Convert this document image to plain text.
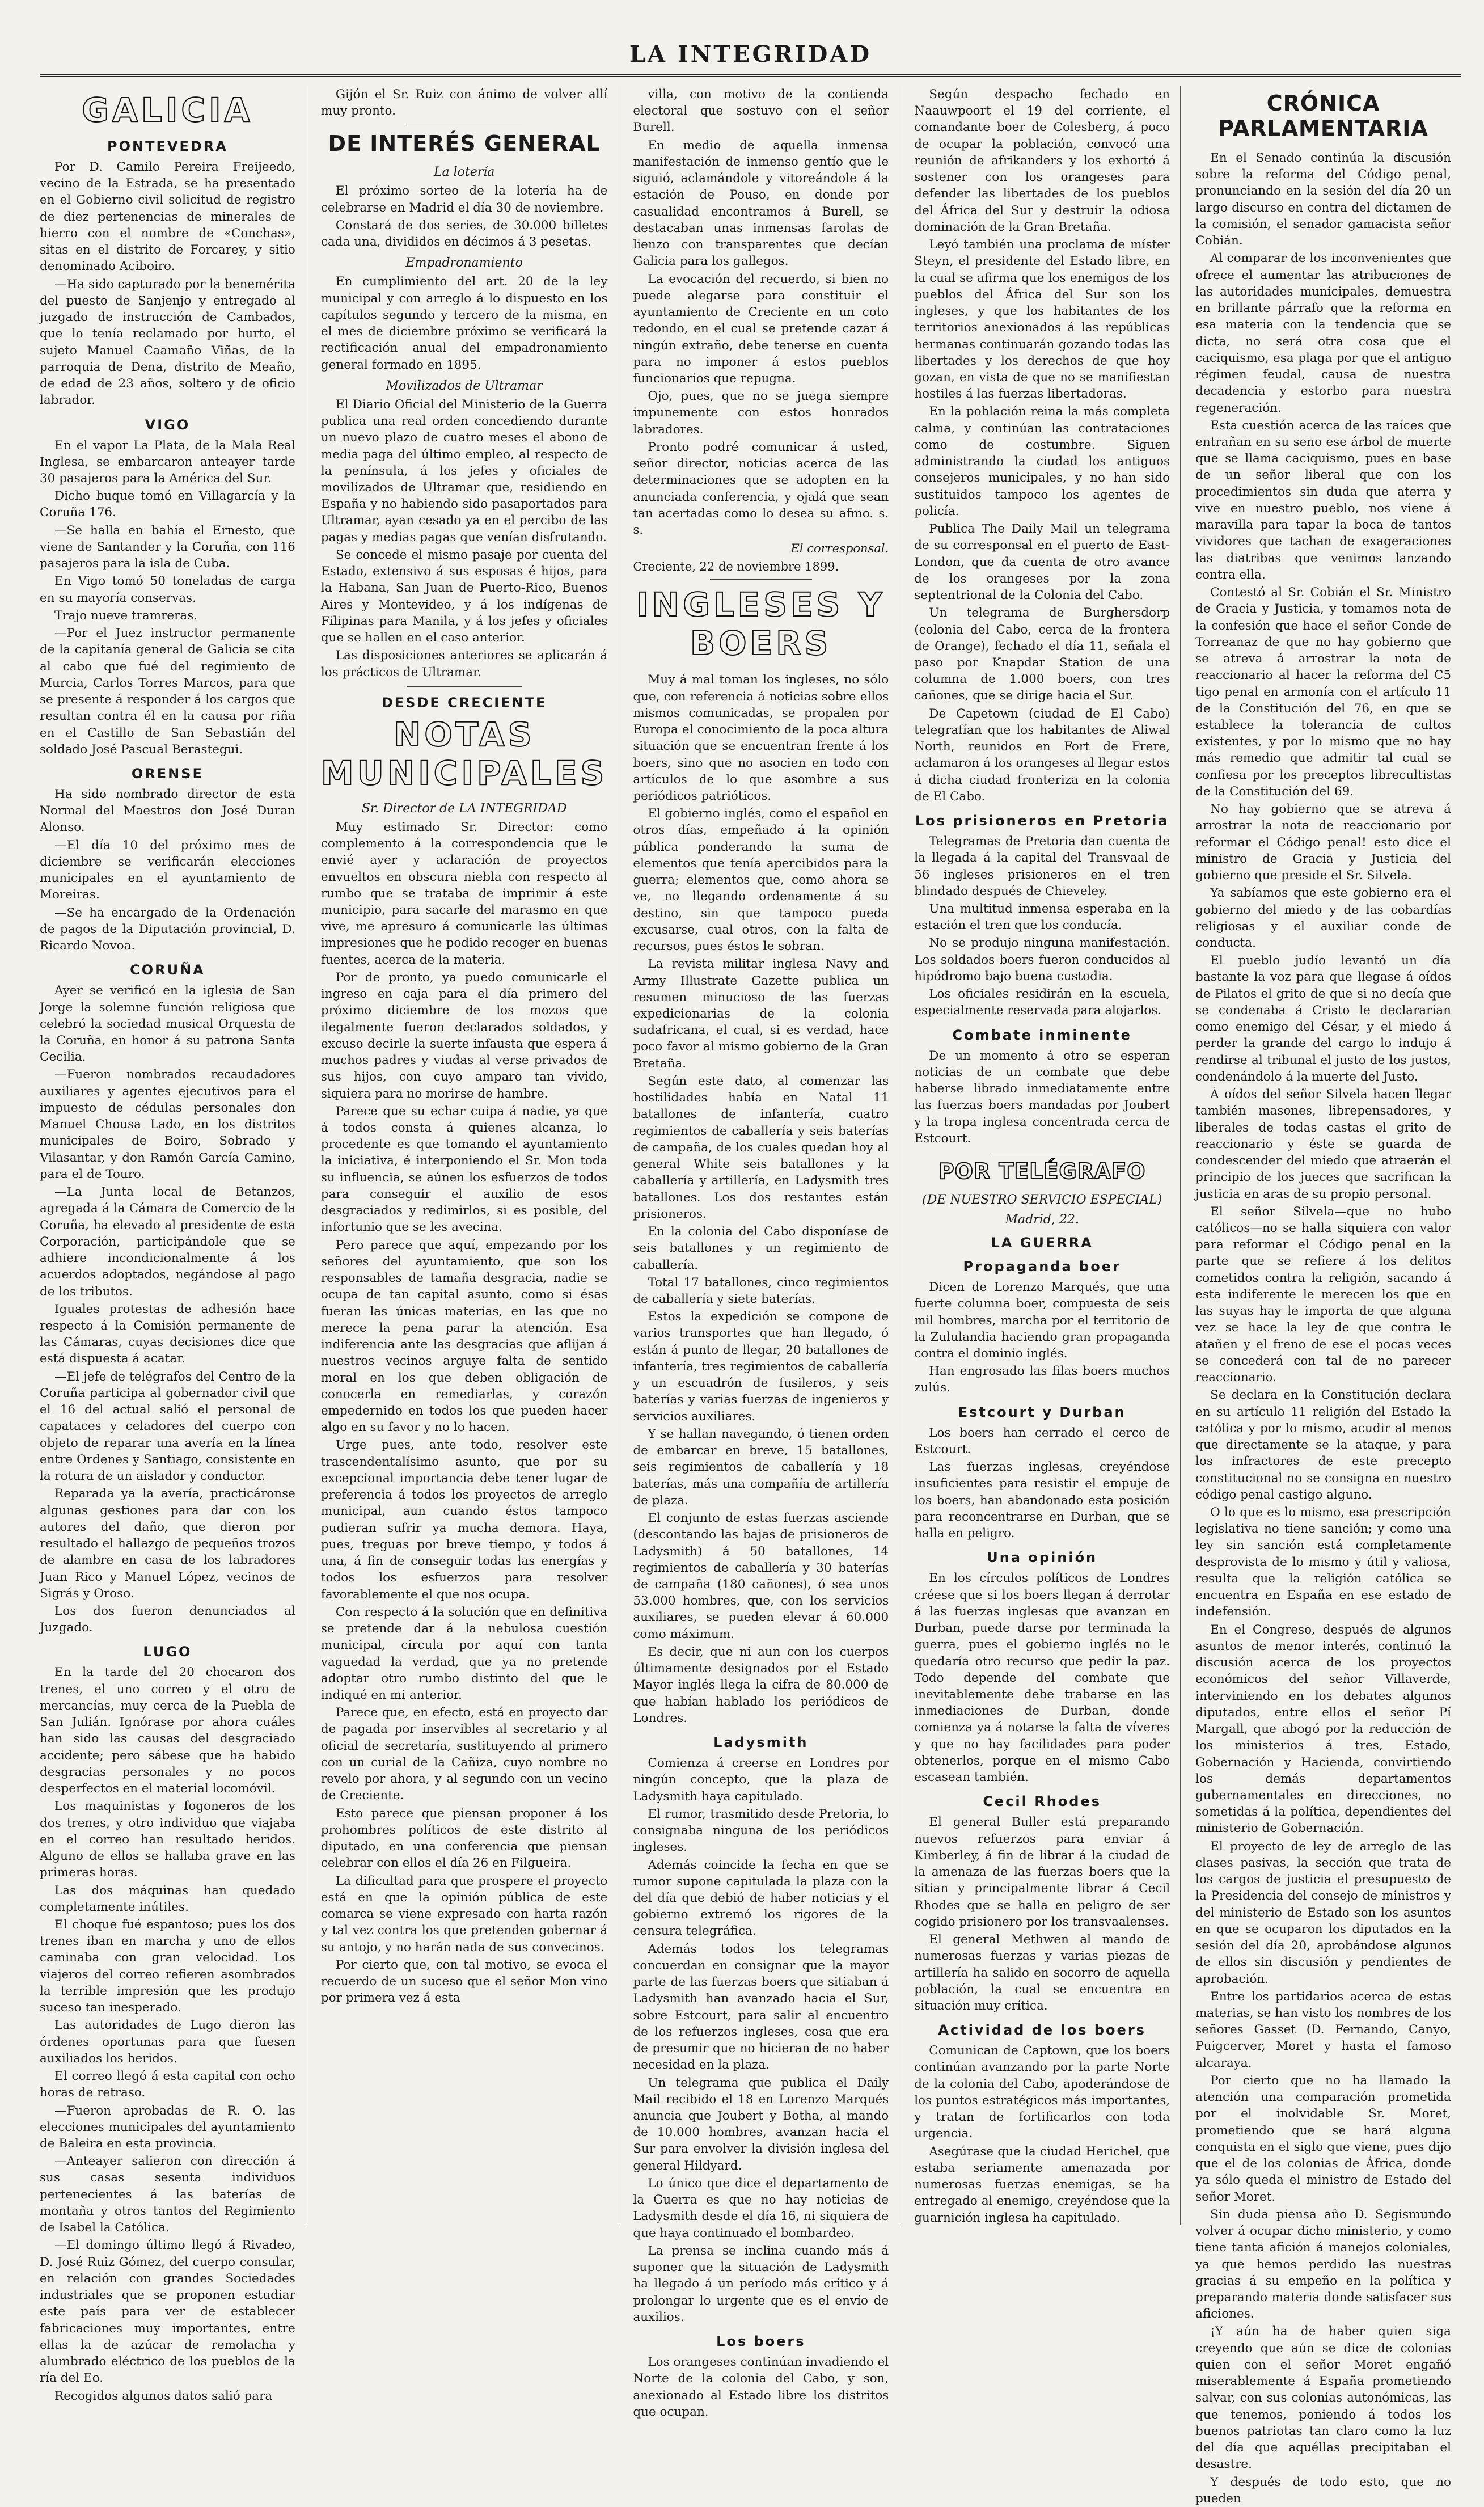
LA INTEGRIDAD
GALICIA
PONTEVEDRA

Por D. Camilo Pereira Freijeedo, vecino de la Estrada, se ha presentado en el Gobierno civil solicitud de registro de diez pertenencias de minerales de hierro con el nombre de «Conchas», sitas en el distrito de Forcarey, y sitio denominado Aciboiro.

—Ha sido capturado por la benemérita del puesto de Sanjenjo y entregado al juzgado de instrucción de Cambados, que lo tenía reclamado por hurto, el sujeto Manuel Caamaño Viñas, de la parroquia de Dena, distrito de Meaño, de edad de 23 años, soltero y de oficio labrador.

VIGO

En el vapor La Plata, de la Mala Real Inglesa, se embarcaron anteayer tarde 30 pasajeros para la América del Sur.

Dicho buque tomó en Villagarcía y la Coruña 176.

—Se halla en bahía el Ernesto, que viene de Santander y la Coruña, con 116 pasajeros para la isla de Cuba.

En Vigo tomó 50 toneladas de carga en su mayoría conservas.

Trajo nueve tramreras.

—Por el Juez instructor permanente de la capitanía general de Galicia se cita al cabo que fué del regimiento de Murcia, Carlos Torres Marcos, para que se presente á responder á los cargos que resultan contra él en la causa por riña en el Castillo de San Sebastián del soldado José Pascual Berastegui.

ORENSE

Ha sido nombrado director de esta Normal del Maestros don José Duran Alonso.

—El día 10 del próximo mes de diciembre se verificarán elecciones municipales en el ayuntamiento de Moreiras.

—Se ha encargado de la Ordenación de pagos de la Diputación provincial, D. Ricardo Novoa.

CORUÑA

Ayer se verificó en la iglesia de San Jorge la solemne función religiosa que celebró la sociedad musical Orquesta de la Coruña, en honor á su patrona Santa Cecilia.

—Fueron nombrados recaudadores auxiliares y agentes ejecutivos para el impuesto de cédulas personales don Manuel Chousa Lado, en los distritos municipales de Boiro, Sobrado y Vilasantar, y don Ramón García Camino, para el de Touro.

—La Junta local de Betanzos, agregada á la Cámara de Comercio de la Coruña, ha elevado al presidente de esta Corporación, participándole que se adhiere incondicionalmente á los acuerdos adoptados, negándose al pago de los tributos.

Iguales protestas de adhesión hace respecto á la Comisión permanente de las Cámaras, cuyas decisiones dice que está dispuesta á acatar.

—El jefe de telégrafos del Centro de la Coruña participa al gobernador civil que el 16 del actual salió el personal de capataces y celadores del cuerpo con objeto de reparar una avería en la línea entre Ordenes y Santiago, consistente en la rotura de un aislador y conductor.

Reparada ya la avería, practicáronse algunas gestiones para dar con los autores del daño, que dieron por resultado el hallazgo de pequeños trozos de alambre en casa de los labradores Juan Rico y Manuel López, vecinos de Sigrás y Oroso.

Los dos fueron denunciados al Juzgado.

LUGO

En la tarde del 20 chocaron dos trenes, el uno correo y el otro de mercancías, muy cerca de la Puebla de San Julián. Ignórase por ahora cuáles han sido las causas del desgraciado accidente; pero sábese que ha habido desgracias personales y no pocos desperfectos en el material locomóvil.

Los maquinistas y fogoneros de los dos trenes, y otro individuo que viajaba en el correo han resultado heridos. Alguno de ellos se hallaba grave en las primeras horas.

Las dos máquinas han quedado completamente inútiles.

El choque fué espantoso; pues los dos trenes iban en marcha y uno de ellos caminaba con gran velocidad. Los viajeros del correo refieren asombrados la terrible impresión que les produjo suceso tan inesperado.

Las autoridades de Lugo dieron las órdenes oportunas para que fuesen auxiliados los heridos.

El correo llegó á esta capital con ocho horas de retraso.

—Fueron aprobadas de R. O. las elecciones municipales del ayuntamiento de Baleira en esta provincia.

—Anteayer salieron con dirección á sus casas sesenta individuos pertenecientes á las baterías de montaña y otros tantos del Regimiento de Isabel la Católica.

—El domingo último llegó á Rivadeo, D. José Ruiz Gómez, del cuerpo consular, en relación con grandes Sociedades industriales que se proponen estudiar este país para ver de establecer fabricaciones muy importantes, entre ellas la de azúcar de remolacha y alumbrado eléctrico de los pueblos de la ría del Eo.

Recogidos algunos datos salió para

Gijón el Sr. Ruiz con ánimo de volver allí muy pronto.

DE INTERÉS GENERAL
La lotería

El próximo sorteo de la lotería ha de celebrarse en Madrid el día 30 de noviembre.

Constará de dos series, de 30.000 billetes cada una, divididos en décimos á 3 pesetas.

Empadronamiento

En cumplimiento del art. 20 de la ley municipal y con arreglo á lo dispuesto en los capítulos segundo y tercero de la misma, en el mes de diciembre próximo se verificará la rectificación anual del empadronamiento general formado en 1895.

Movilizados de Ultramar

El Diario Oficial del Ministerio de la Guerra publica una real orden concediendo durante un nuevo plazo de cuatro meses el abono de media paga del último empleo, al respecto de la península, á los jefes y oficiales de movilizados de Ultramar que, residiendo en España y no habiendo sido pasaportados para Ultramar, ayan cesado ya en el percibo de las pagas y medias pagas que venían disfrutando.

Se concede el mismo pasaje por cuenta del Estado, extensivo á sus esposas é hijos, para la Habana, San Juan de Puerto-Rico, Buenos Aires y Montevideo, y á los indígenas de Filipinas para Manila, y á los jefes y oficiales que se hallen en el caso anterior.

Las disposiciones anteriores se aplicarán á los prácticos de Ultramar.

DESDE CRECIENTE
NOTAS MUNICIPALES
Sr. Director de LA INTEGRIDAD

Muy estimado Sr. Director: como complemento á la correspondencia que le envié ayer y aclaración de proyectos envueltos en obscura niebla con respecto al rumbo que se trataba de imprimir á este municipio, para sacarle del marasmo en que vive, me apresuro á comunicarle las últimas impresiones que he podido recoger en buenas fuentes, acerca de la materia.

Por de pronto, ya puedo comunicarle el ingreso en caja para el día primero del próximo diciembre de los mozos que ilegalmente fueron declarados soldados, y excuso decirle la suerte infausta que espera á muchos padres y viudas al verse privados de sus hijos, con cuyo amparo tan vivido, siquiera para no morirse de hambre.

Parece que su echar cuipa á nadie, ya que á todos consta á quienes alcanza, lo procedente es que tomando el ayuntamiento la iniciativa, é interponiendo el Sr. Mon toda su influencia, se aúnen los esfuerzos de todos para conseguir el auxilio de esos desgraciados y redimirlos, si es posible, del infortunio que se les avecina.

Pero parece que aquí, empezando por los señores del ayuntamiento, que son los responsables de tamaña desgracia, nadie se ocupa de tan capital asunto, como si ésas fueran las únicas materias, en las que no merece la pena parar la atención. Esa indiferencia ante las desgracias que aflijan á nuestros vecinos arguye falta de sentido moral en los que deben obligación de conocerla en remediarlas, y corazón empedernido en todos los que pueden hacer algo en su favor y no lo hacen.

Urge pues, ante todo, resolver este trascendentalísimo asunto, que por su excepcional importancia debe tener lugar de preferencia á todos los proyectos de arreglo municipal, aun cuando éstos tampoco pudieran sufrir ya mucha demora. Haya, pues, treguas por breve tiempo, y todos á una, á fin de conseguir todas las energías y todos los esfuerzos para resolver favorablemente el que nos ocupa.

Con respecto á la solución que en definitiva se pretende dar á la nebulosa cuestión municipal, circula por aquí con tanta vaguedad la verdad, que ya no pretende adoptar otro rumbo distinto del que le indiqué en mi anterior.

Parece que, en efecto, está en proyecto dar de pagada por inservibles al secretario y al oficial de secretaría, sustituyendo al primero con un curial de la Cañiza, cuyo nombre no revelo por ahora, y al segundo con un vecino de Creciente.

Esto parece que piensan proponer á los prohombres políticos de este distrito al diputado, en una conferencia que piensan celebrar con ellos el día 26 en Filgueira.

La dificultad para que prospere el proyecto está en que la opinión pública de este comarca se viene expresado con harta razón y tal vez contra los que pretenden gobernar á su antojo, y no harán nada de sus convecinos.

Por cierto que, con tal motivo, se evoca el recuerdo de un suceso que el señor Mon vino por primera vez á esta

villa, con motivo de la contienda electoral que sostuvo con el señor Burell.

En medio de aquella inmensa manifestación de inmenso gentío que le siguió, aclamándole y vitoreándole á la estación de Pouso, en donde por casualidad encontramos á Burell, se destacaban unas inmensas farolas de lienzo con transparentes que decían Galicia para los gallegos.

La evocación del recuerdo, si bien no puede alegarse para constituir el ayuntamiento de Creciente en un coto redondo, en el cual se pretende cazar á ningún extraño, debe tenerse en cuenta para no imponer á estos pueblos funcionarios que repugna.

Ojo, pues, que no se juega siempre impunemente con estos honrados labradores.

Pronto podré comunicar á usted, señor director, noticias acerca de las determinaciones que se adopten en la anunciada conferencia, y ojalá que sean tan acertadas como lo desea su afmo. s. s.

El corresponsal.
Creciente, 22 de noviembre 1899.
INGLESES Y BOERS

Muy á mal toman los ingleses, no sólo que, con referencia á noticias sobre ellos mismos comunicadas, se propalen por Europa el conocimiento de la poca altura situación que se encuentran frente á los boers, sino que no asocien en todo con artículos de lo que asombre a sus periódicos patrióticos.

El gobierno inglés, como el español en otros días, empeñado á la opinión pública ponderando la suma de elementos que tenía apercibidos para la guerra; elementos que, como ahora se ve, no llegando ordenamente á su destino, sin que tampoco pueda excusarse, cual otros, con la falta de recursos, pues éstos le sobran.

La revista militar inglesa Navy and Army Illustrate Gazette publica un resumen minucioso de las fuerzas expedicionarias de la colonia sudafricana, el cual, si es verdad, hace poco favor al mismo gobierno de la Gran Bretaña.

Según este dato, al comenzar las hostilidades había en Natal 11 batallones de infantería, cuatro regimientos de caballería y seis baterías de campaña, de los cuales quedan hoy al general White seis batallones y la caballería y artillería, en Ladysmith tres batallones. Los dos restantes están prisioneros.

En la colonia del Cabo disponíase de seis batallones y un regimiento de caballería.

Total 17 batallones, cinco regimientos de caballería y siete baterías.

Estos la expedición se compone de varios transportes que han llegado, ó están á punto de llegar, 20 batallones de infantería, tres regimientos de caballería y un escuadrón de fusileros, y seis baterías y varias fuerzas de ingenieros y servicios auxiliares.

Y se hallan navegando, ó tienen orden de embarcar en breve, 15 batallones, seis regimientos de caballería y 18 baterías, más una compañía de artillería de plaza.

El conjunto de estas fuerzas asciende (descontando las bajas de prisioneros de Ladysmith) á 50 batallones, 14 regimientos de caballería y 30 baterías de campaña (180 cañones), ó sea unos 53.000 hombres, que, con los servicios auxiliares, se pueden elevar á 60.000 como máximum.

Es decir, que ni aun con los cuerpos últimamente designados por el Estado Mayor inglés llega la cifra de 80.000 de que habían hablado los periódicos de Londres.

Ladysmith

Comienza á creerse en Londres por ningún concepto, que la plaza de Ladysmith haya capitulado.

El rumor, trasmitido desde Pretoria, lo consignaba ninguna de los periódicos ingleses.

Además coincide la fecha en que se rumor supone capitulada la plaza con la del día que debió de haber noticias y el gobierno extremó los rigores de la censura telegráfica.

Además todos los telegramas concuerdan en consignar que la mayor parte de las fuerzas boers que sitiaban á Ladysmith han avanzado hacia el Sur, sobre Estcourt, para salir al encuentro de los refuerzos ingleses, cosa que era de presumir que no hicieran de no haber necesidad en la plaza.

Un telegrama que publica el Daily Mail recibido el 18 en Lorenzo Marqués anuncia que Joubert y Botha, al mando de 10.000 hombres, avanzan hacia el Sur para envolver la división inglesa del general Hildyard.

Lo único que dice el departamento de la Guerra es que no hay noticias de Ladysmith desde el día 16, ni siquiera de que haya continuado el bombardeo.

La prensa se inclina cuando más á suponer que la situación de Ladysmith ha llegado á un período más crítico y á prolongar lo urgente que es el envío de auxilios.

Los boers

Los orangeses continúan invadiendo el Norte de la colonia del Cabo, y son, anexionado al Estado libre los distritos que ocupan.

Según despacho fechado en Naauwpoort el 19 del corriente, el comandante boer de Colesberg, á poco de ocupar la población, convocó una reunión de afrikanders y los exhortó á sostener con los orangeses para defender las libertades de los pueblos del África del Sur y destruir la odiosa dominación de la Gran Bretaña.

Leyó también una proclama de míster Steyn, el presidente del Estado libre, en la cual se afirma que los enemigos de los pueblos del África del Sur son los ingleses, y que los habitantes de los territorios anexionados á las repúblicas hermanas continuarán gozando todas las libertades y los derechos de que hoy gozan, en vista de que no se manifiestan hostiles á las fuerzas libertadoras.

En la población reina la más completa calma, y continúan las contrataciones como de costumbre. Siguen administrando la ciudad los antiguos consejeros municipales, y no han sido sustituidos tampoco los agentes de policía.

Publica The Daily Mail un telegrama de su corresponsal en el puerto de East-London, que da cuenta de otro avance de los orangeses por la zona septentrional de la Colonia del Cabo.

Un telegrama de Burghersdorp (colonia del Cabo, cerca de la frontera de Orange), fechado el día 11, señala el paso por Knapdar Station de una columna de 1.000 boers, con tres cañones, que se dirige hacia el Sur.

De Capetown (ciudad de El Cabo) telegrafían que los habitantes de Aliwal North, reunidos en Fort de Frere, aclamaron á los orangeses al llegar estos á dicha ciudad fronteriza en la colonia de El Cabo.

Los prisioneros en Pretoria

Telegramas de Pretoria dan cuenta de la llegada á la capital del Transvaal de 56 ingleses prisioneros en el tren blindado después de Chieveley.

Una multitud inmensa esperaba en la estación el tren que los conducía.

No se produjo ninguna manifestación. Los soldados boers fueron conducidos al hipódromo bajo buena custodia.

Los oficiales residirán en la escuela, especialmente reservada para alojarlos.

Combate inminente

De un momento á otro se esperan noticias de un combate que debe haberse librado inmediatamente entre las fuerzas boers mandadas por Joubert y la tropa inglesa concentrada cerca de Estcourt.

POR TELÉGRAFO
(DE NUESTRO SERVICIO ESPECIAL)
Madrid, 22.
LA GUERRA
Propaganda boer

Dicen de Lorenzo Marqués, que una fuerte columna boer, compuesta de seis mil hombres, marcha por el territorio de la Zululandia haciendo gran propaganda contra el dominio inglés.

Han engrosado las filas boers muchos zulús.

Estcourt y Durban

Los boers han cerrado el cerco de Estcourt.

Las fuerzas inglesas, creyéndose insuficientes para resistir el empuje de los boers, han abandonado esta posición para reconcentrarse en Durban, que se halla en peligro.

Una opinión

En los círculos políticos de Londres créese que si los boers llegan á derrotar á las fuerzas inglesas que avanzan en Durban, puede darse por terminada la guerra, pues el gobierno inglés no le quedaría otro recurso que pedir la paz. Todo depende del combate que inevitablemente debe trabarse en las inmediaciones de Durban, donde comienza ya á notarse la falta de víveres y que no hay facilidades para poder obtenerlos, porque en el mismo Cabo escasean también.

Cecil Rhodes

El general Buller está preparando nuevos refuerzos para enviar á Kimberley, á fin de librar á la ciudad de la amenaza de las fuerzas boers que la sitian y principalmente librar á Cecil Rhodes que se halla en peligro de ser cogido prisionero por los transvaalenses.

El general Methwen al mando de numerosas fuerzas y varias piezas de artillería ha salido en socorro de aquella población, la cual se encuentra en situación muy crítica.

Actividad de los boers

Comunican de Captown, que los boers continúan avanzando por la parte Norte de la colonia del Cabo, apoderándose de los puntos estratégicos más importantes, y tratan de fortificarlos con toda urgencia.

Asegúrase que la ciudad Herichel, que estaba seriamente amenazada por numerosas fuerzas enemigas, se ha entregado al enemigo, creyéndose que la guarnición inglesa ha capitulado.

CRÓNICA PARLAMENTARIA

En el Senado continúa la discusión sobre la reforma del Código penal, pronunciando en la sesión del día 20 un largo discurso en contra del dictamen de la comisión, el senador gamacista señor Cobián.

Al comparar de los inconvenientes que ofrece el aumentar las atribuciones de las autoridades municipales, demuestra en brillante párrafo que la reforma en esa materia con la tendencia que se dicta, no será otra cosa que el caciquismo, esa plaga por que el antiguo régimen feudal, causa de nuestra decadencia y estorbo para nuestra regeneración.

Esta cuestión acerca de las raíces que entrañan en su seno ese árbol de muerte que se llama caciquismo, pues en base de un señor liberal que con los procedimientos sin duda que aterra y vive en nuestro pueblo, nos viene á maravilla para tapar la boca de tantos vividores que tachan de exageraciones las diatribas que venimos lanzando contra ella.

Contestó al Sr. Cobián el Sr. Ministro de Gracia y Justicia, y tomamos nota de la confesión que hace el señor Conde de Torreanaz de que no hay gobierno que se atreva á arrostrar la nota de reaccionario al hacer la reforma del C5 tigo penal en armonía con el artículo 11 de la Constitución del 76, en que se establece la tolerancia de cultos existentes, y por lo mismo que no hay más remedio que admitir tal cual se confiesa por los preceptos librecultistas de la Constitución del 69.

No hay gobierno que se atreva á arrostrar la nota de reaccionario por reformar el Código penal! esto dice el ministro de Gracia y Justicia del gobierno que preside el Sr. Silvela.

Ya sabíamos que este gobierno era el gobierno del miedo y de las cobardías religiosas y el auxiliar conde de conducta.

El pueblo judío levantó un día bastante la voz para que llegase á oídos de Pilatos el grito de que si no decía que se condenaba á Cristo le declararían como enemigo del César, y el miedo á perder la grande del cargo lo indujo á rendirse al tribunal el justo de los justos, condenándolo á la muerte del Justo.

Á oídos del señor Silvela hacen llegar también masones, librepensadores, y liberales de todas castas el grito de reaccionario y éste se guarda de condescender del miedo que atraerán el principio de los jueces que sacrifican la justicia en aras de su propio personal.

El señor Silvela—que no hubo católicos—no se halla siquiera con valor para reformar el Código penal en la parte que se refiere á los delitos cometidos contra la religión, sacando á esta indiferente le merecen los que en las suyas hay le importa de que alguna vez se hace la ley de que contra le atañen y el freno de ese el pocas veces se concederá con tal de no parecer reaccionario.

Se declara en la Constitución declara en su artículo 11 religión del Estado la católica y por lo mismo, acudir al menos que directamente se la ataque, y para los infractores de este precepto constitucional no se consigna en nuestro código penal castigo alguno.

O lo que es lo mismo, esa prescripción legislativa no tiene sanción; y como una ley sin sanción está completamente desprovista de lo mismo y útil y valiosa, resulta que la religión católica se encuentra en España en ese estado de indefensión.

En el Congreso, después de algunos asuntos de menor interés, continuó la discusión acerca de los proyectos económicos del señor Villaverde, interviniendo en los debates algunos diputados, entre ellos el señor Pí Margall, que abogó por la reducción de los ministerios á tres, Estado, Gobernación y Hacienda, convirtiendo los demás departamentos gubernamentales en direcciones, no sometidas á la política, dependientes del ministerio de Gobernación.

El proyecto de ley de arreglo de las clases pasivas, la sección que trata de los cargos de justicia el presupuesto de la Presidencia del consejo de ministros y del ministerio de Estado son los asuntos en que se ocuparon los diputados en la sesión del día 20, aprobándose algunos de ellos sin discusión y pendientes de aprobación.

Entre los partidarios acerca de estas materias, se han visto los nombres de los señores Gasset (D. Fernando, Canyo, Puigcerver, Moret y hasta el famoso alcaraya.

Por cierto que no ha llamado la atención una comparación prometida por el inolvidable Sr. Moret, prometiendo que se hará alguna conquista en el siglo que viene, pues dijo que el de los colonias de África, donde ya sólo queda el ministro de Estado del señor Moret.

Sin duda piensa año D. Segismundo volver á ocupar dicho ministerio, y como tiene tanta afición á manejos coloniales, ya que hemos perdido las nuestras gracias á su empeño en la política y preparando materia donde satisfacer sus aficiones.

¡Y aún ha de haber quien siga creyendo que aún se dice de colonias quien con el señor Moret engañó miserablemente á España prometiendo salvar, con sus colonias autonómicas, las que tenemos, poniendo á todos los buenos patriotas tan claro como la luz del día que aquéllas precipitaban el desastre.

Y después de todo esto, que no pueden
